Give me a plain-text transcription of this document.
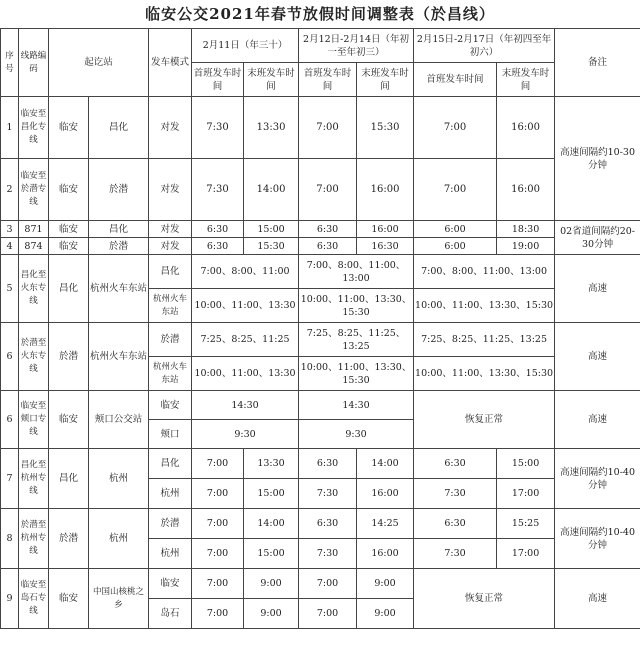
临安公交2021年春节放假时间调整表（於昌线）
序号	线路编码	起讫站		发车模式	2月11日（年三十）		2月12日-2月14日（年初一至年初三）		2月15日-2月17日（年初四至年初六）		备注
					首班发车时间	末班发车时间	首班发车时间	末班发车时间	首班发车时间	末班发车时间	
1	临安至昌化专线	临安	昌化	对发	7:30	13:30	7:00	15:30	7:00	16:00	高速间隔约10-30分钟
2	临安至於潜专线	临安	於潜	对发	7:30	14:00	7:00	16:00	7:00	16:00	
3	871	临安	昌化	对发	6:30	15:00	6:30	16:00	6:00	18:30	02省道间隔约20-30分钟
4	874	临安	於潜	对发	6:30	15:30	6:30	16:30	6:00	19:00	
5	昌化至火东专线	昌化	杭州火车东站	昌化	7:00、8:00、11:00		7:00、8:00、11:00、13:00		7:00、8:00、11:00、13:00		高速
				杭州火车东站	10:00、11:00、13:30		10:00、11:00、13:30、15:30		10:00、11:00、13:30、15:30		
6	於潜至火东专线	於潜	杭州火车东站	於潜	7:25、8:25、11:25		7:25、8:25、11:25、13:25		7:25、8:25、11:25、13:25		高速
				杭州火车东站	10:00、11:00、13:30		10:00、11:00、13:30、15:30		10:00、11:00、13:30、15:30		
6	临安至颊口专线	临安	颊口公交站	临安	14:30		14:30		恢复正常		高速
				颊口	9:30		9:30				
7	昌化至杭州专线	昌化	杭州	昌化	7:00	13:30	6:30	14:00	6:30	15:00	高速间隔约10-40分钟
				杭州	7:00	15:00	7:30	16:00	7:30	17:00	
8	於潜至杭州专线	於潜	杭州	於潜	7:00	14:00	6:30	14:25	6:30	15:25	高速间隔约10-40分钟
				杭州	7:00	15:00	7:30	16:00	7:30	17:00	
9	临安至岛石专线	临安	中国山核桃之乡	临安	7:00	9:00	7:00	9:00	恢复正常		高速
				岛石	7:00	9:00	7:00	9:00			
